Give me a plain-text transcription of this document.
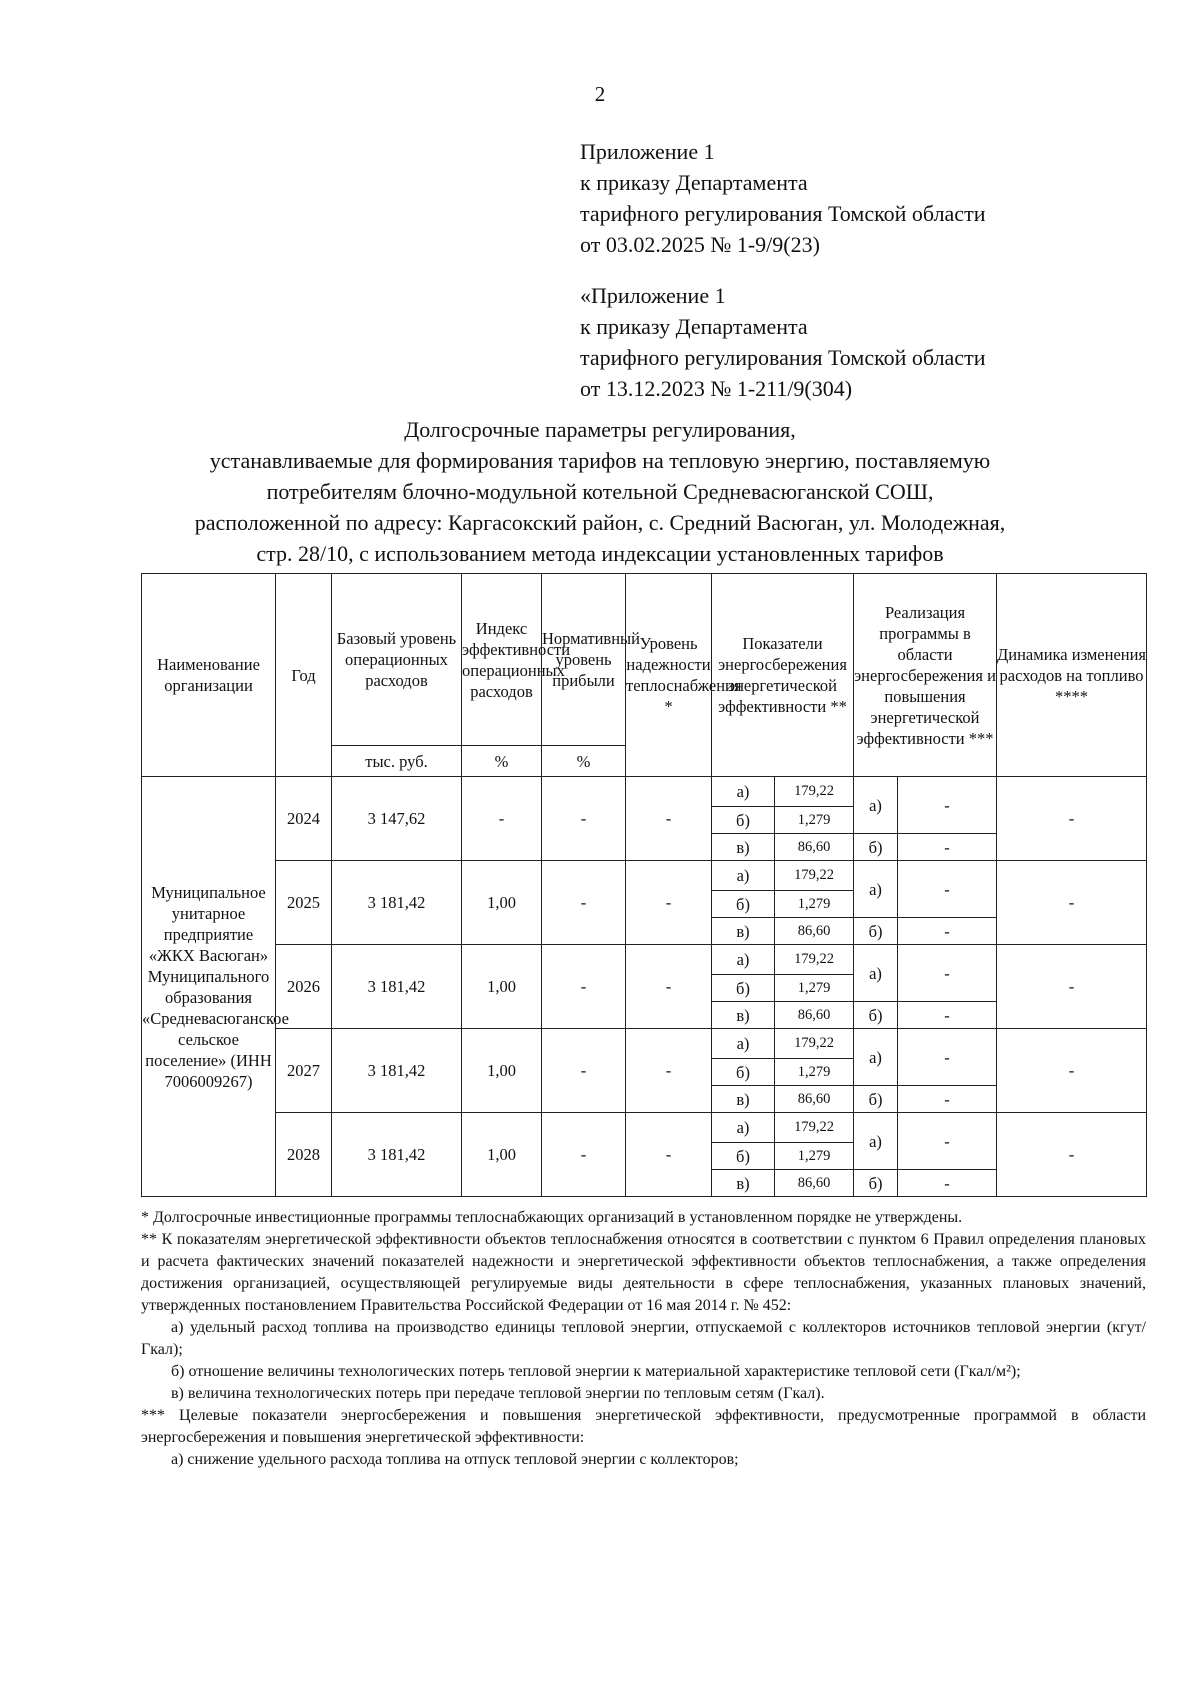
2
Приложение 1
к приказу Департамента
тарифного регулирования Томской области
от 03.02.2025 № 1-9/9(23)
«Приложение 1
к приказу Департамента
тарифного регулирования Томской области
от 13.12.2023 № 1-211/9(304)
Долгосрочные параметры регулирования,
устанавливаемые для формирования тарифов на тепловую энергию, поставляемую
потребителям блочно-модульной котельной Средневасюганской СОШ,
расположенной по адресу: Каргасокский район, с. Средний Васюган, ул. Молодежная,
стр. 28/10, с использованием метода индексации установленных тарифов
Наименование организации	Год	Базовый уровень операционных расходов	Индекс эффективности операционных расходов	Нормативный уровень прибыли	Уровень надежности теплоснабжения *	Показатели энергосбережения энергетической эффективности **		Реализация программы в области энергосбережения и повышения энергетической эффективности ***		Динамика изменения расходов на топливо ****
		тыс. руб.	%	%						
Муниципальное унитарное предприятие «ЖКХ Васюган» Муниципального образования «Средневасюганское сельское поселение» (ИНН 7006009267)	2024	3 147,62	-	-	-	а)	179,22	а)	-	-
						б)	1,279			
						в)	86,60	б)	-	
	2025	3 181,42	1,00	-	-	а)	179,22	а)	-	-
						б)	1,279			
						в)	86,60	б)	-	
	2026	3 181,42	1,00	-	-	а)	179,22	а)	-	-
						б)	1,279			
						в)	86,60	б)	-	
	2027	3 181,42	1,00	-	-	а)	179,22	а)	-	-
						б)	1,279			
						в)	86,60	б)	-	
	2028	3 181,42	1,00	-	-	а)	179,22	а)	-	-
						б)	1,279			
						в)	86,60	б)	-	

* Долгосрочные инвестиционные программы теплоснабжающих организаций в установленном порядке не утверждены.

** К показателям энергетической эффективности объектов теплоснабжения относятся в соответствии с пунктом 6 Правил определения плановых и расчета фактических значений показателей надежности и энергетической эффективности объектов теплоснабжения, а также определения достижения организацией, осуществляющей регулируемые виды деятельности в сфере теплоснабжения, указанных плановых значений, утвержденных постановлением Правительства Российской Федерации от 16 мая 2014 г. № 452:

а) удельный расход топлива на производство единицы тепловой энергии, отпускаемой с коллекторов источников тепловой энергии (кгут/Гкал);

б) отношение величины технологических потерь тепловой энергии к материальной характеристике тепловой сети (Гкал/м²);

в) величина технологических потерь при передаче тепловой энергии по тепловым сетям (Гкал).

*** Целевые показатели энергосбережения и повышения энергетической эффективности, предусмотренные программой в области энергосбережения и повышения энергетической эффективности:

а) снижение удельного расхода топлива на отпуск тепловой энергии с коллекторов;
